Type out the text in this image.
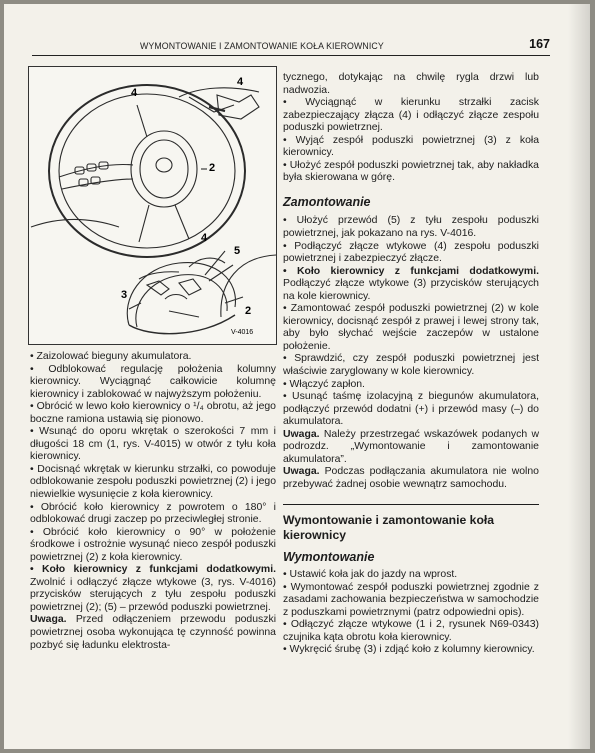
WYMONTOWANIE I ZAMONTOWANIE KOŁA KIEROWNICY	167
4
4
2
4
5
3
2
V-4016

• Zaizolować bieguny akumulatora.

• Odblokować regulację położenia kolumny kierownicy. Wyciągnąć całkowicie kolumnę kierownicy i zablokować w najwyższym położeniu.

• Obrócić w lewo koło kierownicy o ¹/₄ obrotu, aż jego boczne ramiona ustawią się pionowo.

• Wsunąć do oporu wkrętak o szerokości 7 mm i długości 18 cm (1, rys. V-4015) w otwór z tyłu koła kierownicy.

• Docisnąć wkrętak w kierunku strzałki, co powoduje odblokowanie zespołu poduszki powietrznej (2) i jego niewielkie wysunięcie z koła kierownicy.

• Obrócić koło kierownicy z powrotem o 180° i odblokować drugi zaczep po przeciwległej stronie.

• Obrócić koło kierownicy o 90° w położenie środkowe i ostrożnie wysunąć nieco zespół poduszki powietrznej (2) z koła kierownicy.

• Koło kierownicy z funkcjami dodatkowymi. Zwolnić i odłączyć złącze wtykowe (3, rys. V-4016) przycisków sterujących z tyłu zespołu poduszki powietrznej (2); (5) – przewód poduszki powietrznej.

Uwaga. Przed odłączeniem przewodu poduszki powietrznej osoba wykonująca tę czynność powinna pozbyć się ładunku elektrosta-

tycznego, dotykając na chwilę rygla drzwi lub nadwozia.

• Wyciągnąć w kierunku strzałki zacisk zabezpieczający złącza (4) i odłączyć złącze zespołu poduszki powietrznej.

• Wyjąć zespół poduszki powietrznej (3) z koła kierownicy.

• Ułożyć zespół poduszki powietrznej tak, aby nakładka była skierowana w górę.

Zamontowanie

• Ułożyć przewód (5) z tyłu zespołu poduszki powietrznej, jak pokazano na rys. V-4016.

• Podłączyć złącze wtykowe (4) zespołu poduszki powietrznej i zabezpieczyć złącze.

• Koło kierownicy z funkcjami dodatkowymi. Podłączyć złącze wtykowe (3) przycisków sterujących na kole kierownicy.

• Zamontować zespół poduszki powietrznej (2) w kole kierownicy, docisnąć zespół z prawej i lewej strony tak, aby było słychać wejście zaczepów w ustalone położenie.

• Sprawdzić, czy zespół poduszki powietrznej jest właściwie zaryglowany w kole kierownicy.

• Włączyć zapłon.

• Usunąć taśmę izolacyjną z biegunów akumulatora, podłączyć przewód dodatni (+) i przewód masy (–) do akumulatora.

Uwaga. Należy przestrzegać wskazówek podanych w podrozdz. „Wymontowanie i zamontowanie akumulatora”.

Uwaga. Podczas podłączania akumulatora nie wolno przebywać żadnej osobie wewnątrz samochodu.

Wymontowanie i zamontowanie koła kierownicy
Wymontowanie

• Ustawić koła jak do jazdy na wprost.

• Wymontować zespół poduszki powietrznej zgodnie z zasadami zachowania bezpieczeństwa w samochodzie z poduszkami powietrznymi (patrz odpowiedni opis).

• Odłączyć złącze wtykowe (1 i 2, rysunek N69-0343) czujnika kąta obrotu koła kierownicy.

• Wykręcić śrubę (3) i zdjąć koło z kolumny kierownicy.
